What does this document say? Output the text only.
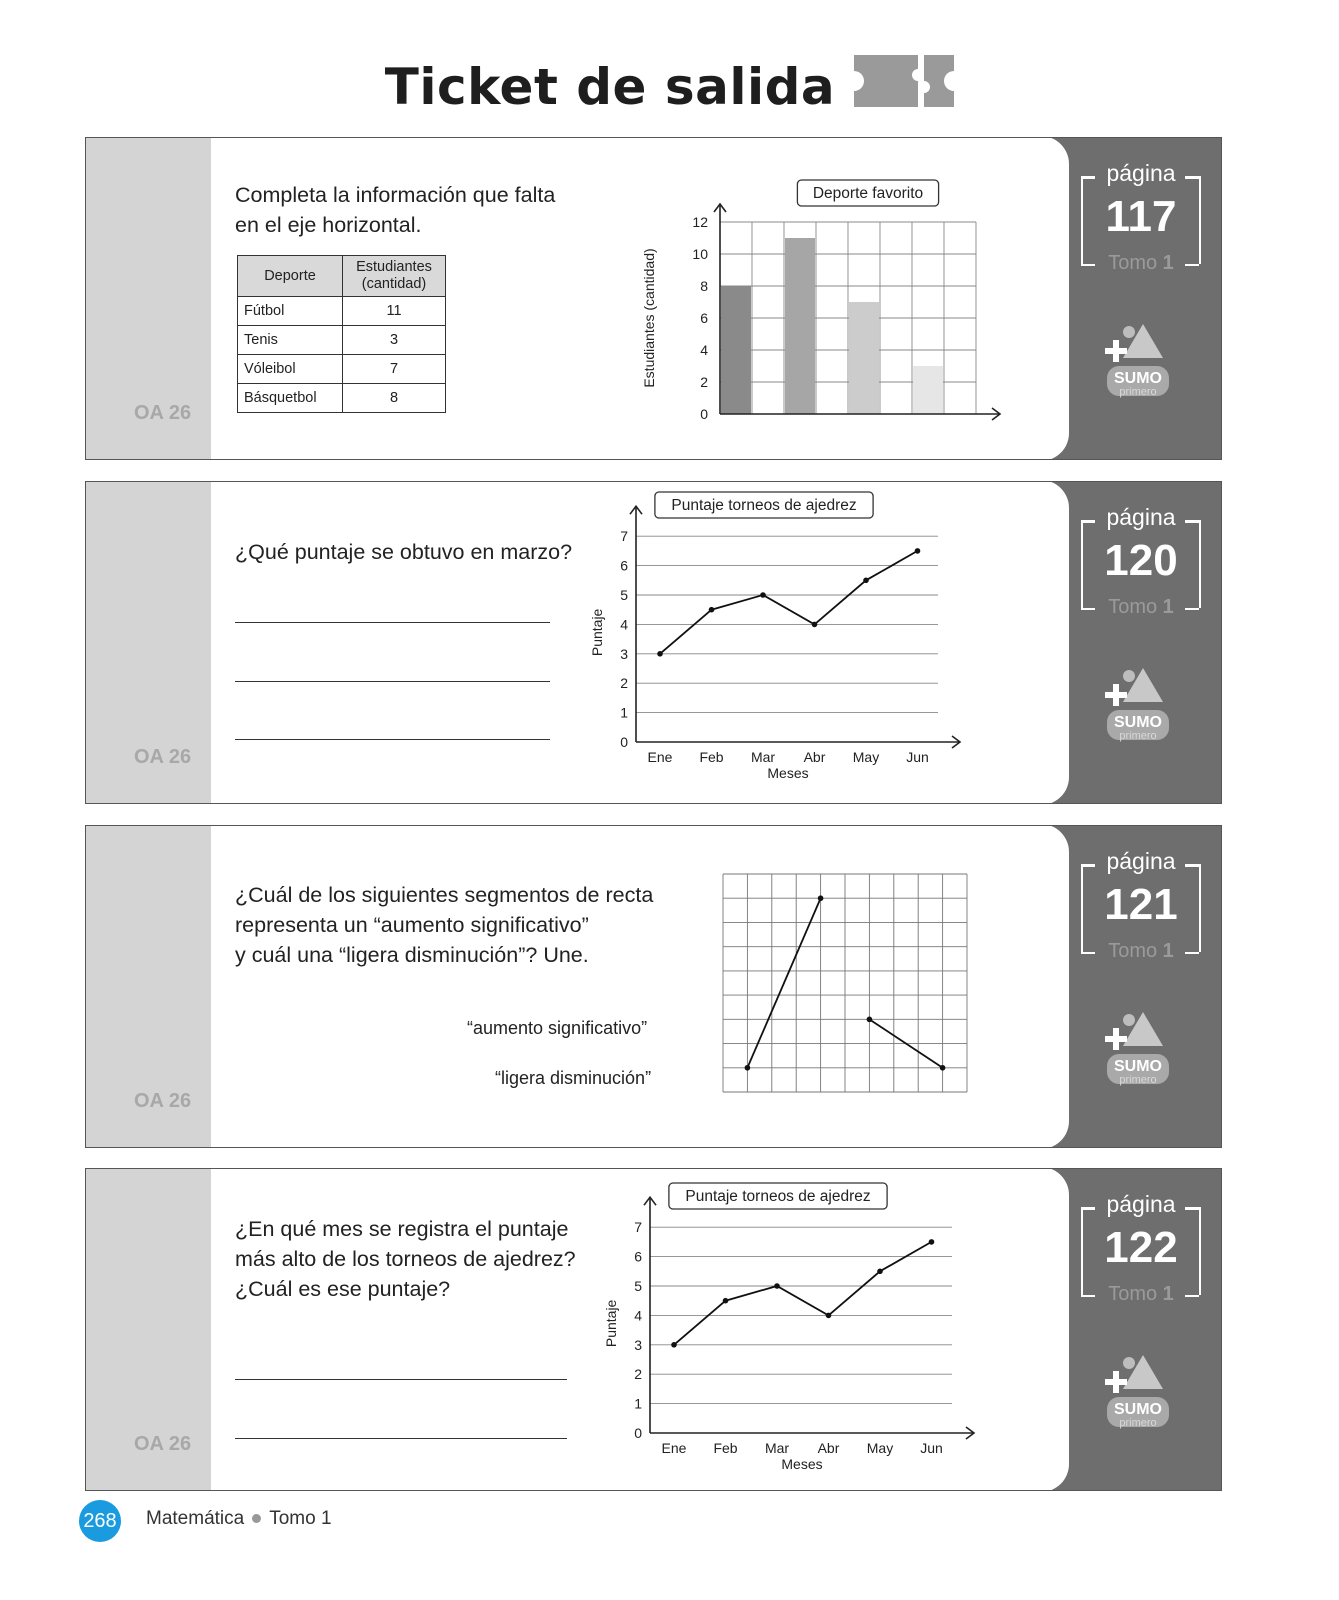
Ticket de salida
OA 26
página
117
Tomo 1
SUMO
primero
Completa la información que falta
en el eje horizontal.
Deporte	Estudiantes
(cantidad)
Fútbol	11
Tenis	3
Vóleibol	7
Básquetbol	8
Deporte favorito
0
2
4
6
8
10
12
Estudiantes (cantidad)
OA 26
página
120
Tomo 1
SUMO
primero
¿Qué puntaje se obtuvo en marzo?
Puntaje torneos de ajedrez
0
1
2
3
4
5
6
7
Ene Feb Mar Abr May Jun
Meses
Puntaje
OA 26
página
121
Tomo 1
SUMO
primero
¿Cuál de los siguientes segmentos de recta
representa un “aumento significativo”
y cuál una “ligera disminución”? Une.
“aumento significativo”
“ligera disminución”
OA 26
página
122
Tomo 1
SUMO
primero
¿En qué mes se registra el puntaje
más alto de los torneos de ajedrez?
¿Cuál es ese puntaje?
Puntaje torneos de ajedrez
0
1
2
3
4
5
6
7
Ene Feb Mar Abr May Jun
Meses
Puntaje
268 Matemática Tomo 1
